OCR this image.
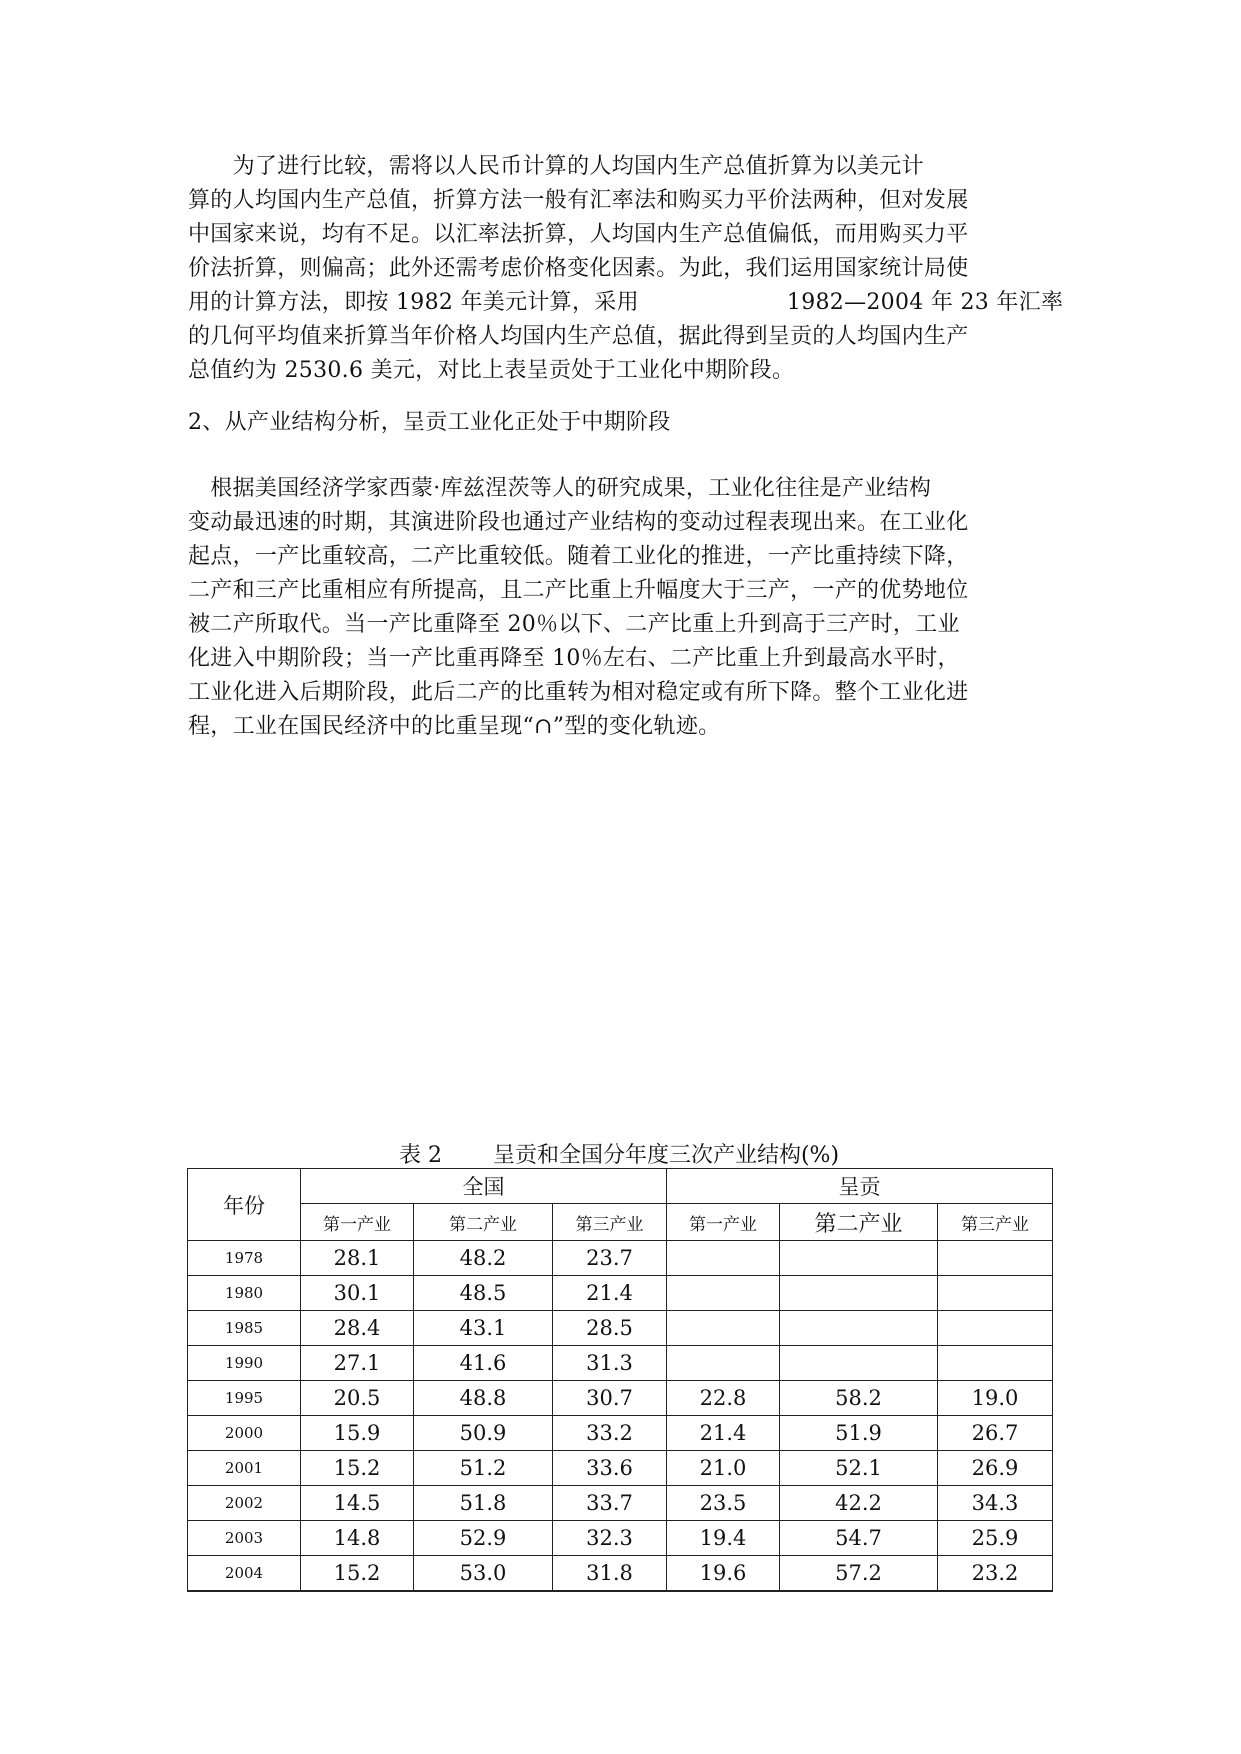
　　为了进行比较，需将以人民币计算的人均国内生产总值折算为以美元计
算的人均国内生产总值，折算方法一般有汇率法和购买力平价法两种，但对发展
中国家来说，均有不足。以汇率法折算，人均国内生产总值偏低，而用购买力平
价法折算，则偏高；此外还需考虑价格变化因素。为此，我们运用国家统计局使
用的计算方法，即按 1982 年美元计算，采用	1982—2004 年 23 年汇率
的几何平均值来折算当年价格人均国内生产总值，据此得到呈贡的人均国内生产
总值约为 2530.6 美元，对比上表呈贡处于工业化中期阶段。
2、从产业结构分析，呈贡工业化正处于中期阶段
　根据美国经济学家西蒙·库兹涅茨等人的研究成果，工业化往往是产业结构
变动最迅速的时期，其演进阶段也通过产业结构的变动过程表现出来。在工业化
起点，一产比重较高，二产比重较低。随着工业化的推进，一产比重持续下降，
二产和三产比重相应有所提高，且二产比重上升幅度大于三产，一产的优势地位
被二产所取代。当一产比重降至 20％以下、二产比重上升到高于三产时，工业
化进入中期阶段；当一产比重再降至 10％左右、二产比重上升到最高水平时，
工业化进入后期阶段，此后二产的比重转为相对稳定或有所下降。整个工业化进
程，工业在国民经济中的比重呈现“∩”型的变化轨迹。
表 2　　 呈贡和全国分年度三次产业结构(%)
年份	全国			呈贡		
	第一产业	第二产业	第三产业	第一产业	第二产业	第三产业
1978	28.1	48.2	23.7			
1980	30.1	48.5	21.4			
1985	28.4	43.1	28.5			
1990	27.1	41.6	31.3			
1995	20.5	48.8	30.7	22.8	58.2	19.0
2000	15.9	50.9	33.2	21.4	51.9	26.7
2001	15.2	51.2	33.6	21.0	52.1	26.9
2002	14.5	51.8	33.7	23.5	42.2	34.3
2003	14.8	52.9	32.3	19.4	54.7	25.9
2004	15.2	53.0	31.8	19.6	57.2	23.2
